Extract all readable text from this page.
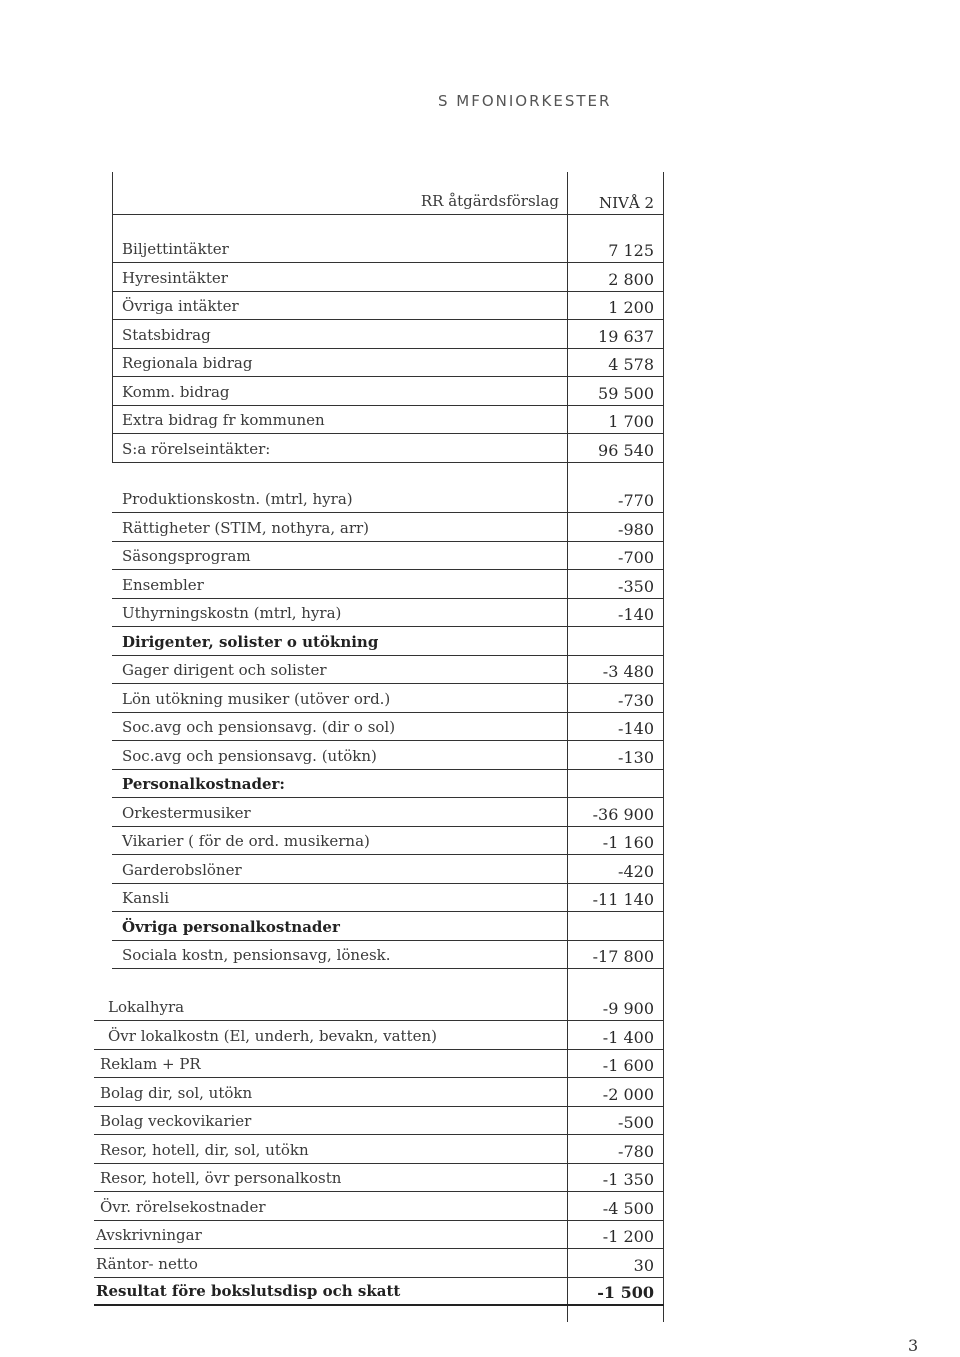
S MFONIORKESTER
RR åtgärdsförslag	NIVÅ 2
Biljettintäkter	7 125
Hyresintäkter	2 800
Övriga intäkter	1 200
Statsbidrag	19 637
Regionala bidrag	4 578
Komm. bidrag	59 500
Extra bidrag fr kommunen	1 700
S:a rörelseintäkter:	96 540
Produktionskostn. (mtrl, hyra)	-770
Rättigheter (STIM, nothyra, arr)	-980
Säsongsprogram	-700
Ensembler	-350
Uthyrningskostn (mtrl, hyra)	-140
Dirigenter, solister o utökning
Gager dirigent och solister	-3 480
Lön utökning musiker (utöver ord.)	-730
Soc.avg och pensionsavg. (dir o sol)	-140
Soc.avg och pensionsavg. (utökn)	-130
Personalkostnader:
Orkestermusiker	-36 900
Vikarier ( för de ord. musikerna)	-1 160
Garderobslöner	-420
Kansli	-11 140
Övriga personalkostnader
Sociala kostn, pensionsavg, lönesk.	-17 800
Lokalhyra	-9 900
Övr lokalkostn (El, underh, bevakn, vatten)	-1 400
Reklam + PR	-1 600
Bolag dir, sol, utökn	-2 000
Bolag veckovikarier	-500
Resor, hotell, dir, sol, utökn	-780
Resor, hotell, övr personalkostn	-1 350
Övr. rörelsekostnader	-4 500
Avskrivningar	-1 200
Räntor- netto	30
Resultat före bokslutsdisp och skatt	-1 500
3
